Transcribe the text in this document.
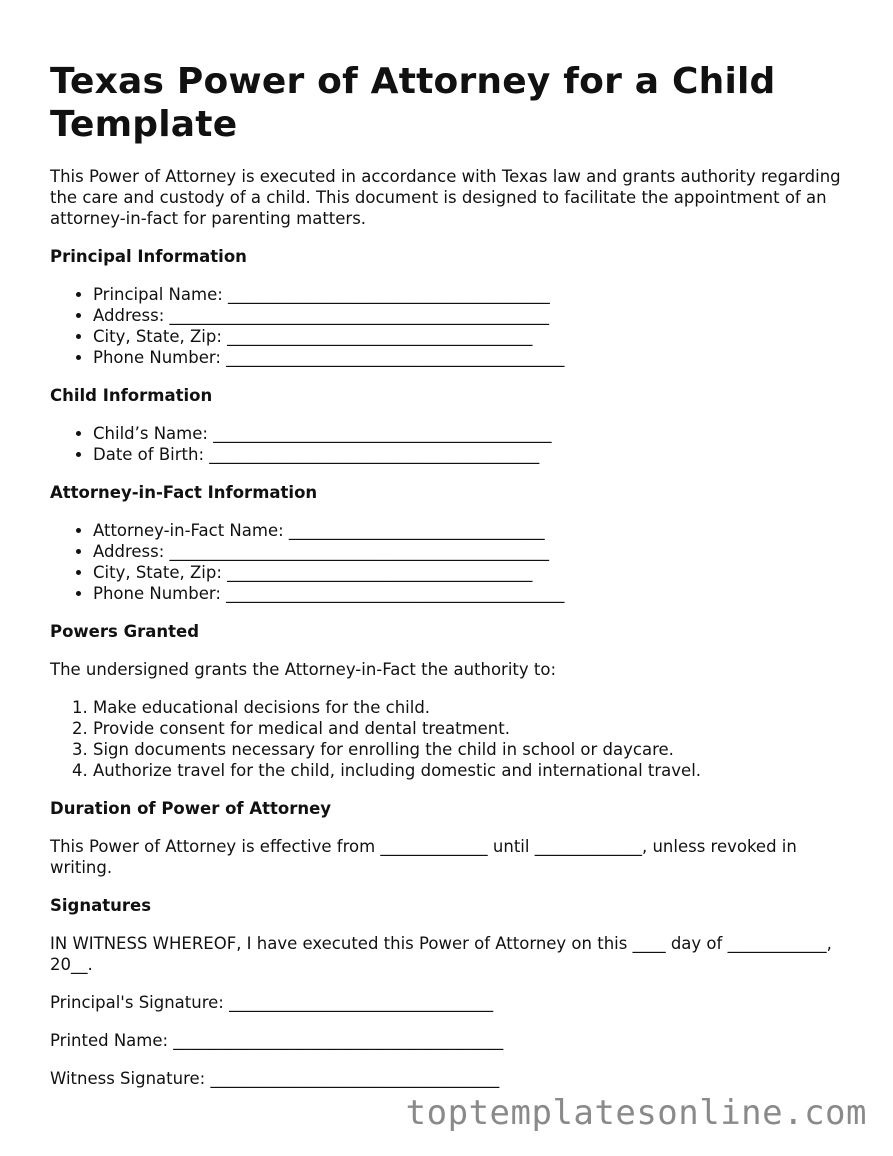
Texas Power of Attorney for a Child Template

This Power of Attorney is executed in accordance with Texas law and grants authority regarding the care and custody of a child. This document is designed to facilitate the appointment of an attorney-in-fact for parenting matters.

Principal Information
• Principal Name: _______________________________________
• Address: ______________________________________________
• City, State, Zip: _____________________________________
• Phone Number: _________________________________________
Child Information
• Child’s Name: _________________________________________
• Date of Birth: ________________________________________
Attorney-in-Fact Information
• Attorney-in-Fact Name: _______________________________
• Address: ______________________________________________
• City, State, Zip: _____________________________________
• Phone Number: _________________________________________
Powers Granted

The undersigned grants the Attorney-in-Fact the authority to:

1. Make educational decisions for the child.
2. Provide consent for medical and dental treatment.
3. Sign documents necessary for enrolling the child in school or daycare.
4. Authorize travel for the child, including domestic and international travel.
Duration of Power of Attorney

This Power of Attorney is effective from _____________ until _____________, unless revoked in writing.

Signatures

IN WITNESS WHEREOF, I have executed this Power of Attorney on this ____ day of ____________, 20__.

Principal's Signature: ________________________________

Printed Name: ________________________________________

Witness Signature: ___________________________________

toptemplatesonline.com
